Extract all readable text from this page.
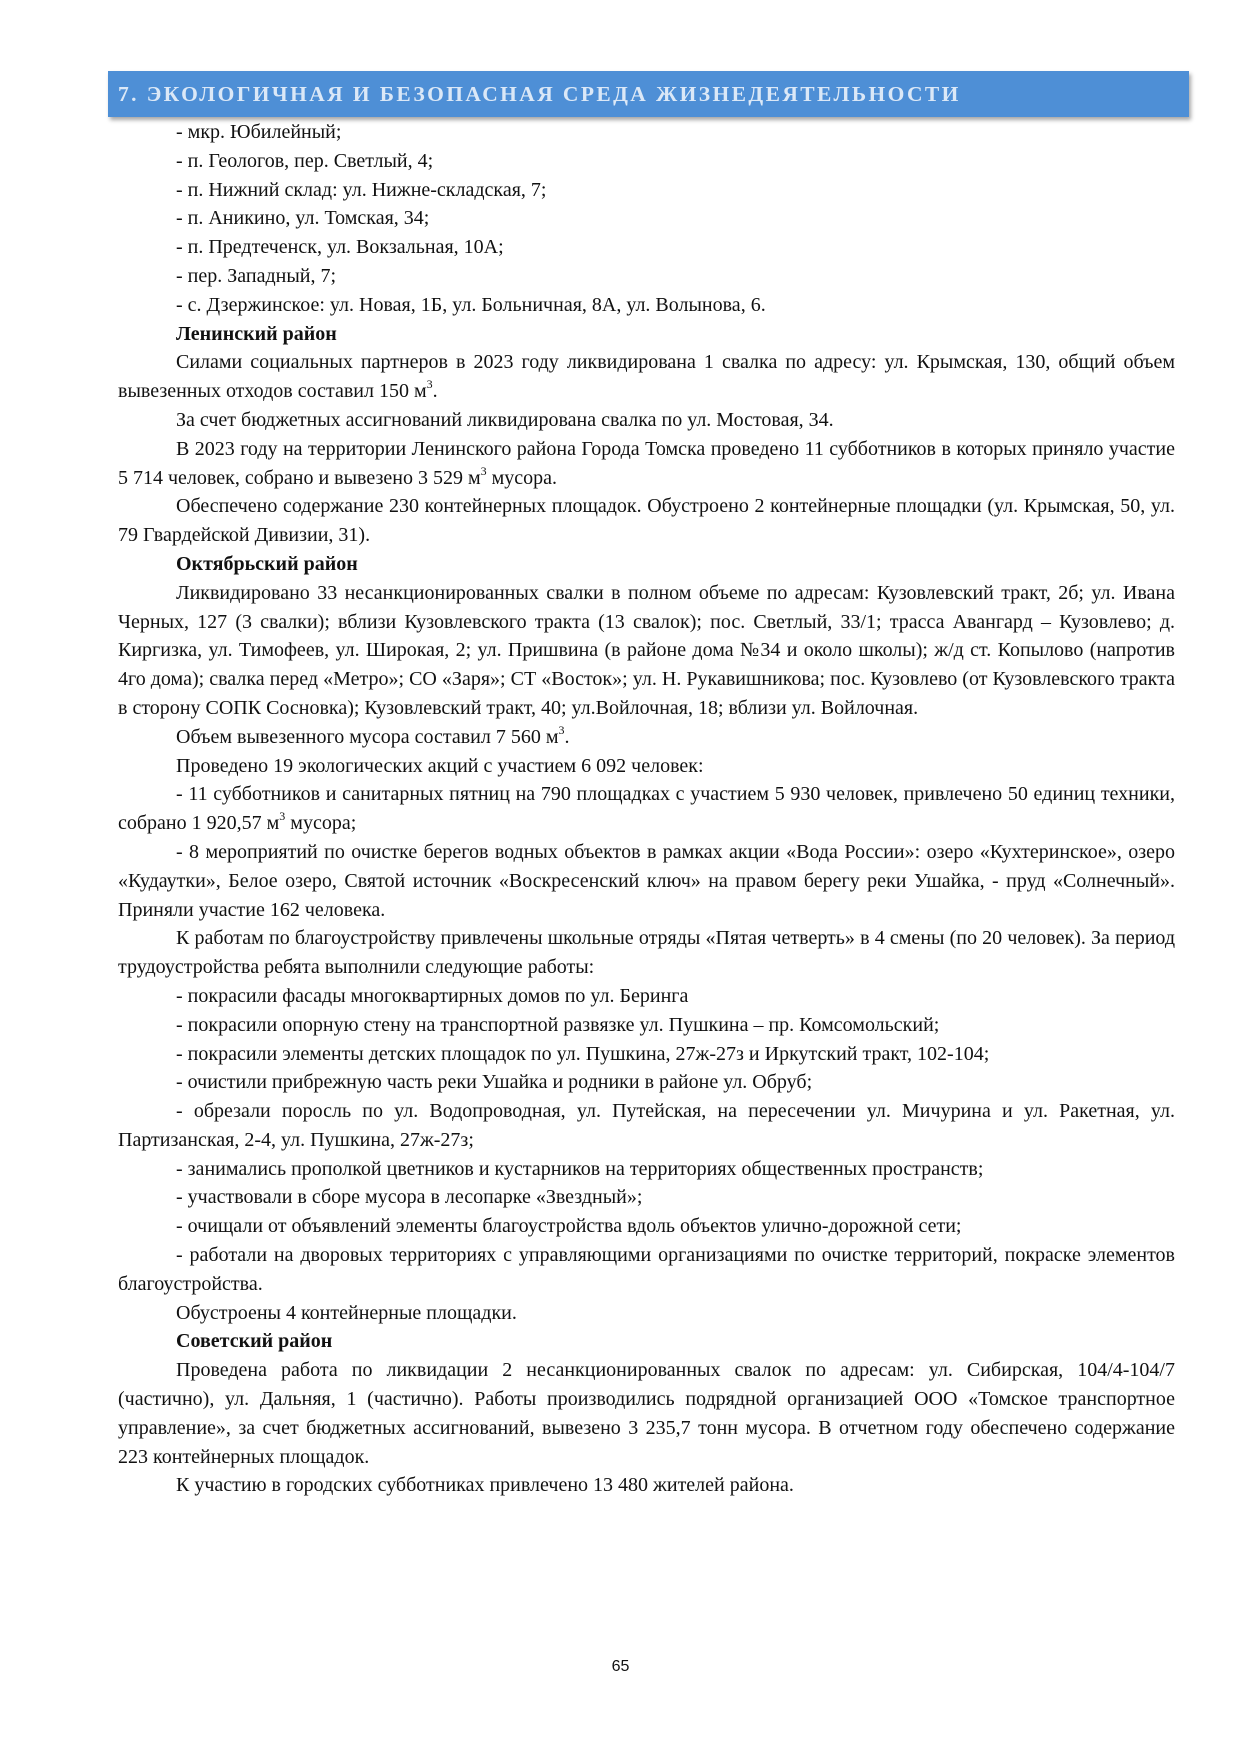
7. ЭКОЛОГИЧНАЯ И БЕЗОПАСНАЯ СРЕДА ЖИЗНЕДЕЯТЕЛЬНОСТИ

- мкр. Юбилейный;

- п. Геологов, пер. Светлый, 4;

- п. Нижний склад: ул. Нижне-складская, 7;

- п. Аникино, ул. Томская, 34;

- п. Предтеченск, ул. Вокзальная, 10А;

- пер. Западный, 7;

- с. Дзержинское: ул. Новая, 1Б, ул. Больничная, 8А, ул. Волынова, 6.

Ленинский район

Силами социальных партнеров в 2023 году ликвидирована 1 свалка по адресу: ул. Крымская, 130, общий объем вывезенных отходов составил 150 $м^3$.

За счет бюджетных ассигнований ликвидирована свалка по ул. Мостовая, 34.

В 2023 году на территории Ленинского района Города Томска проведено 11 субботников в которых приняло участие 5 714 человек, собрано и вывезено 3 529 $м^3$ мусора.

Обеспечено содержание 230 контейнерных площадок. Обустроено 2 контейнерные площадки (ул. Крымская, 50, ул. 79 Гвардейской Дивизии, 31).

Октябрьский район

Ликвидировано 33 несанкционированных свалки в полном объеме по адресам: Кузовлевский тракт, 2б; ул. Ивана Черных, 127 (3 свалки); вблизи Кузовлевского тракта (13 свалок); пос. Светлый, 33/1; трасса Авангард – Кузовлево; д. Киргизка, ул. Тимофеев, ул. Широкая, 2; ул. Пришвина (в районе дома №34 и около школы); ж/д ст. Копылово (напротив 4го дома); свалка перед «Метро»; СО «Заря»; СТ «Восток»; ул. Н. Рукавишникова; пос. Кузовлево (от Кузовлевского тракта в сторону СОПК Сосновка); Кузовлевский тракт, 40; ул.Войлочная, 18; вблизи ул. Войлочная.

Объем вывезенного мусора составил 7 560 $м^3$.

Проведено 19 экологических акций с участием 6 092 человек:

- 11 субботников и санитарных пятниц на 790 площадках с участием 5 930 человек, привлечено 50 единиц техники, собрано 1 920,57 $м^3$ мусора;

- 8 мероприятий по очистке берегов водных объектов в рамках акции «Вода России»: озеро «Кухтеринское», озеро «Кудаутки», Белое озеро, Святой источник «Воскресенский ключ» на правом берегу реки Ушайка, - пруд «Солнечный». Приняли участие 162 человека.

К работам по благоустройству привлечены школьные отряды «Пятая четверть» в 4 смены (по 20 человек). За период трудоустройства ребята выполнили следующие работы:

- покрасили фасады многоквартирных домов по ул. Беринга

- покрасили опорную стену на транспортной развязке ул. Пушкина – пр. Комсомольский;

- покрасили элементы детских площадок по ул. Пушкина, 27ж-27з и Иркутский тракт, 102-104;

- очистили прибрежную часть реки Ушайка и родники в районе ул. Обруб;

- обрезали поросль по ул. Водопроводная, ул. Путейская, на пересечении ул. Мичурина и ул. Ракетная, ул. Партизанская, 2-4, ул. Пушкина, 27ж-27з;

- занимались прополкой цветников и кустарников на территориях общественных пространств;

- участвовали в сборе мусора в лесопарке «Звездный»;

- очищали от объявлений элементы благоустройства вдоль объектов улично-дорожной сети;

- работали на дворовых территориях с управляющими организациями по очистке территорий, покраске элементов благоустройства.

Обустроены 4 контейнерные площадки.

Советский район

Проведена работа по ликвидации 2 несанкционированных свалок по адресам: ул. Сибирская, 104/4-104/7 (частично), ул. Дальняя, 1 (частично). Работы производились подрядной организацией ООО «Томское транспортное управление», за счет бюджетных ассигнований, вывезено 3 235,7 тонн мусора. В отчетном году обеспечено содержание 223 контейнерных площадок.

К участию в городских субботниках привлечено 13 480 жителей района.

65
